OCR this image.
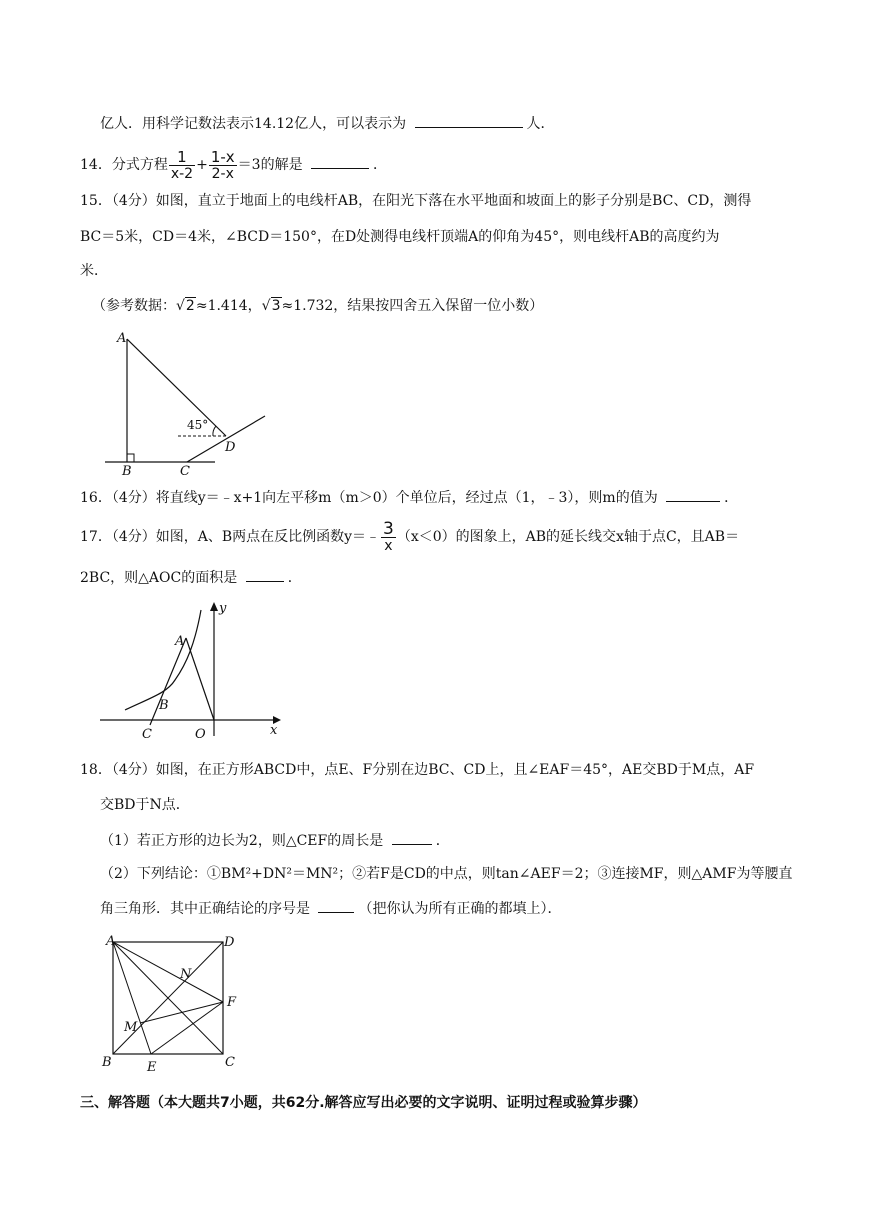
亿人．用科学记数法表示14.12亿人，可以表示为	人．
14．分式方程 $\frac{1}{x-2} + \frac{1-x}{2-x} =3$的解是	．
15．（4分）如图，直立于地面上的电线杆AB，在阳光下落在水平地面和坡面上的影子分别是BC、CD，测得
BC＝5米，CD＝4米，∠BCD＝150°，在D处测得电线杆顶端A的仰角为45°，则电线杆AB的高度约为
米．
（参考数据：√2≈1.414，√3≈1.732，结果按四舍五入保留一位小数）
A
B	C
D
45°
16．（4分）将直线y＝﹣x+1向左平移m（m＞0）个单位后，经过点（1，﹣3），则m的值为	．
17．（4分）如图，A、B两点在反比例函数y＝﹣ $\frac{3}{x} (x<0)$的图象上，AB的延长线交x轴于点C，且AB＝
2BC，则△AOC的面积是	．
A
B
C	O	x
y
18．（4分）如图，在正方形ABCD中，点E、F分别在边BC、CD上，且∠EAF＝45°，AE交BD于M点，AF
交BD于N点．
（1）若正方形的边长为2，则△CEF的周长是	．
（2）下列结论：①BM²+DN²＝MN²；②若F是CD的中点，则tan∠AEF＝2；③连接MF，则△AMF为等腰直
角三角形．其中正确结论的序号是	（把你认为所有正确的都填上）．
A	D
B	C
E
F
M
N
三、解答题（本大题共7小题，共62分.解答应写出必要的文字说明、证明过程或验算步骤）
